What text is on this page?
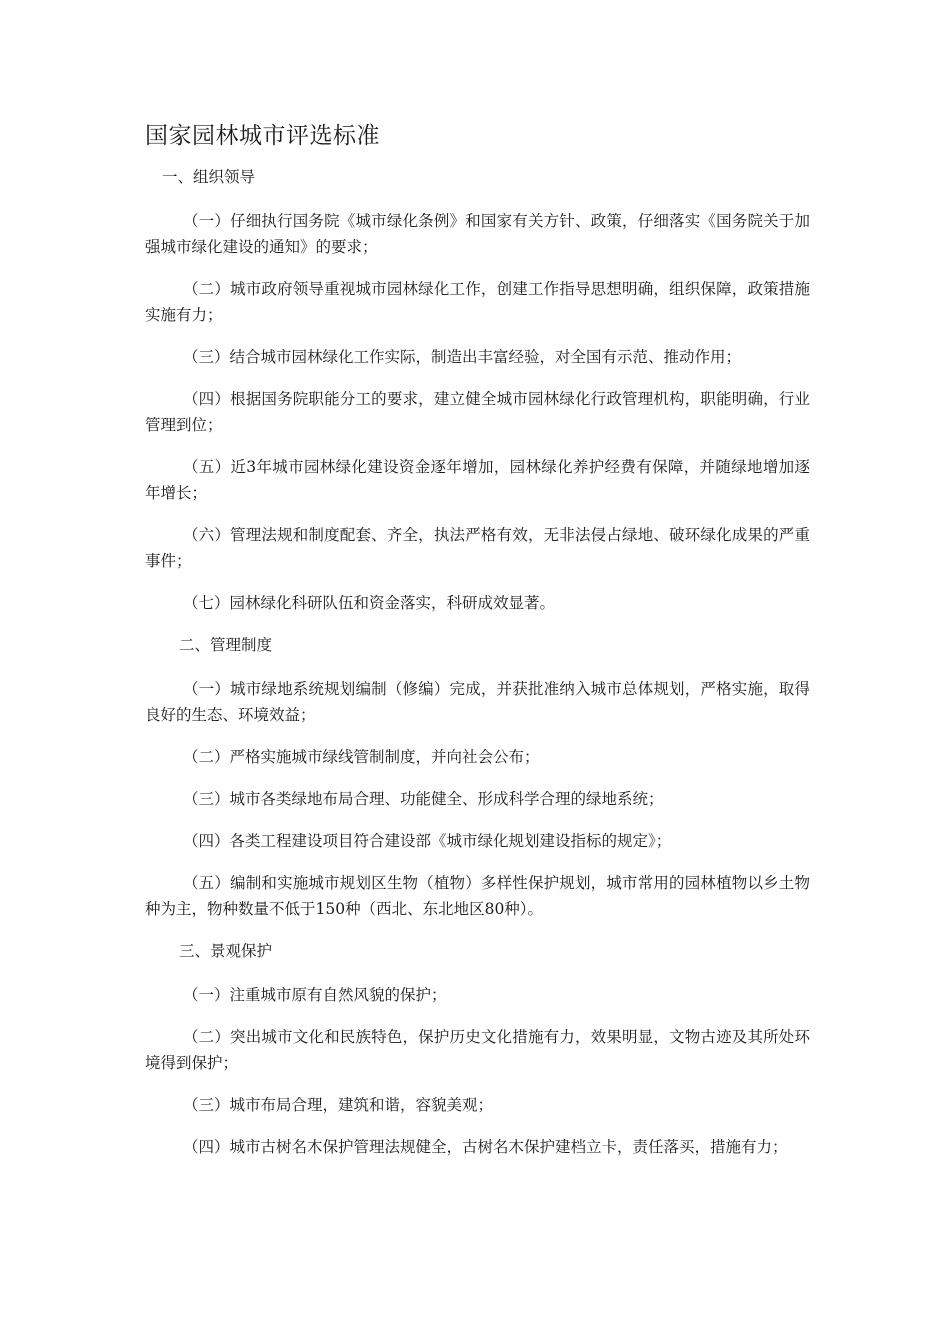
国家园林城市评选标准
一、组织领导

（一）仔细执行国务院《城市绿化条例》和国家有关方针、政策，仔细落实《国务院关于加强城市绿化建设的通知》的要求；

（二）城市政府领导重视城市园林绿化工作，创建工作指导思想明确，组织保障，政策措施实施有力；

（三）结合城市园林绿化工作实际，制造出丰富经验，对全国有示范、推动作用；

（四）根据国务院职能分工的要求，建立健全城市园林绿化行政管理机构，职能明确，行业管理到位；

（五）近3年城市园林绿化建设资金逐年增加，园林绿化养护经费有保障，并随绿地增加逐年增长；

（六）管理法规和制度配套、齐全，执法严格有效，无非法侵占绿地、破环绿化成果的严重事件；

（七）园林绿化科研队伍和资金落实，科研成效显著。

二、管理制度

（一）城市绿地系统规划编制（修编）完成，并获批准纳入城市总体规划，严格实施，取得良好的生态、环境效益；

（二）严格实施城市绿线管制制度，并向社会公布；

（三）城市各类绿地布局合理、功能健全、形成科学合理的绿地系统；

（四）各类工程建设项目符合建设部《城市绿化规划建设指标的规定》；

（五）编制和实施城市规划区生物（植物）多样性保护规划，城市常用的园林植物以乡土物种为主，物种数量不低于150种（西北、东北地区80种）。

三、景观保护

（一）注重城市原有自然风貌的保护；

（二）突出城市文化和民族特色，保护历史文化措施有力，效果明显，文物古迹及其所处环境得到保护；

（三）城市布局合理，建筑和谐，容貌美观；

（四）城市古树名木保护管理法规健全，古树名木保护建档立卡，责任落买，措施有力；
